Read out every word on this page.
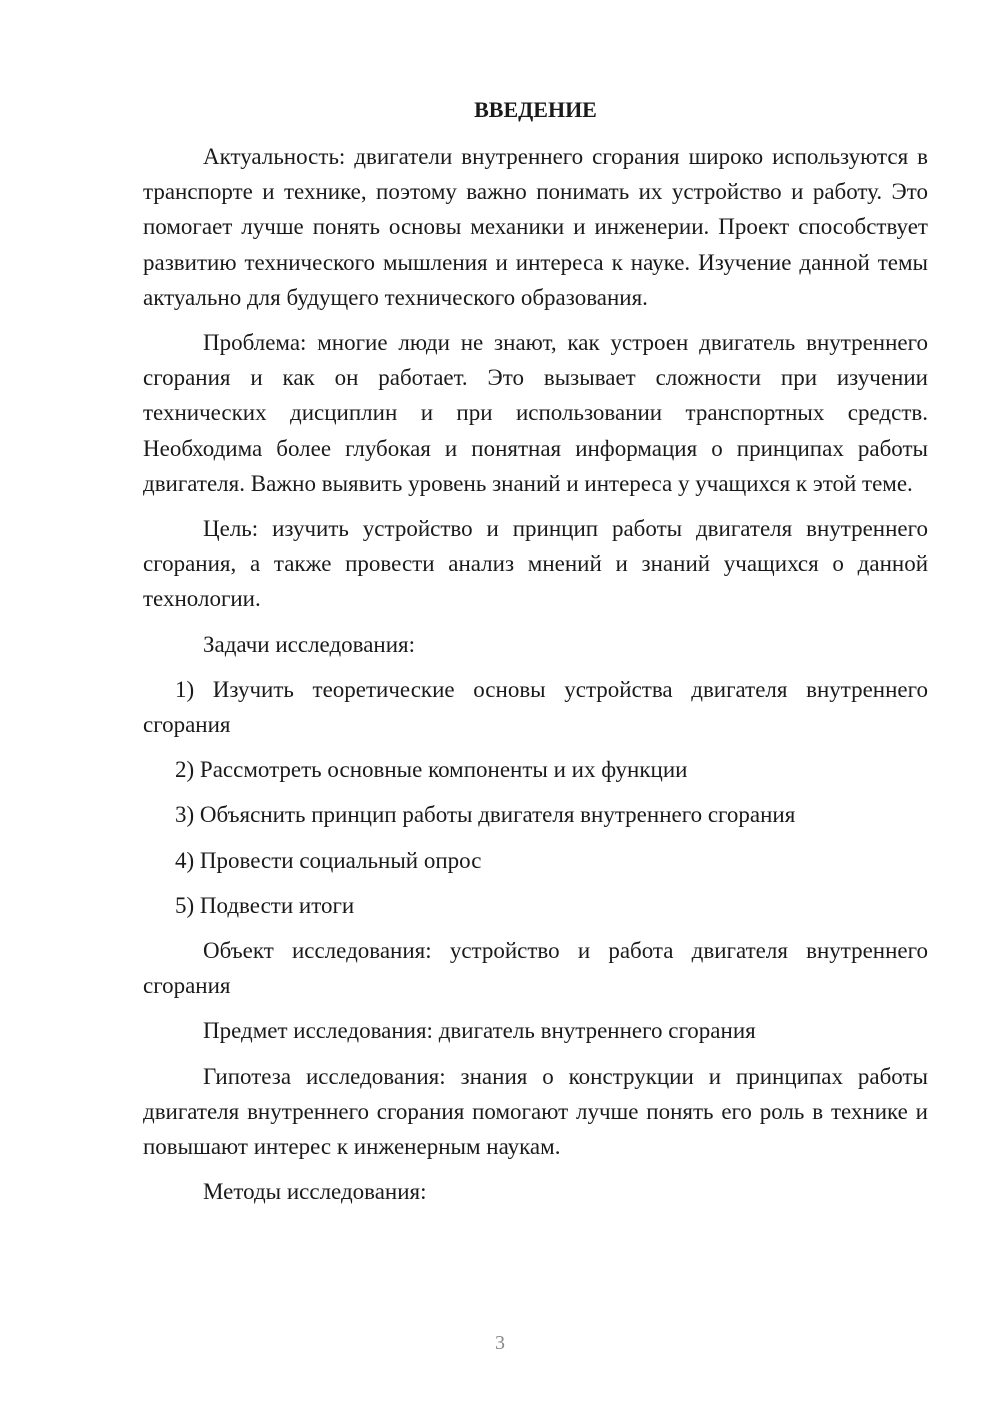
ВВЕДЕНИЕ

Актуальность: двигатели внутреннего сгорания широко используются в транспорте и технике, поэтому важно понимать их устройство и работу. Это помогает лучше понять основы механики и инженерии. Проект способствует развитию технического мышления и интереса к науке. Изучение данной темы актуально для будущего технического образования.

Проблема: многие люди не знают, как устроен двигатель внутреннего сгорания и как он работает. Это вызывает сложности при изучении технических дисциплин и при использовании транспортных средств. Необходима более глубокая и понятная информация о принципах работы двигателя. Важно выявить уровень знаний и интереса у учащихся к этой теме.

Цель: изучить устройство и принцип работы двигателя внутреннего сгорания, а также провести анализ мнений и знаний учащихся о данной технологии.

Задачи исследования:

1) Изучить теоретические основы устройства двигателя внутреннего сгорания

2) Рассмотреть основные компоненты и их функции

3) Объяснить принцип работы двигателя внутреннего сгорания

4) Провести социальный опрос

5) Подвести итоги

Объект исследования: устройство и работа двигателя внутреннего сгорания

Предмет исследования: двигатель внутреннего сгорания

Гипотеза исследования: знания о конструкции и принципах работы двигателя внутреннего сгорания помогают лучше понять его роль в технике и повышают интерес к инженерным наукам.

Методы исследования:

3
